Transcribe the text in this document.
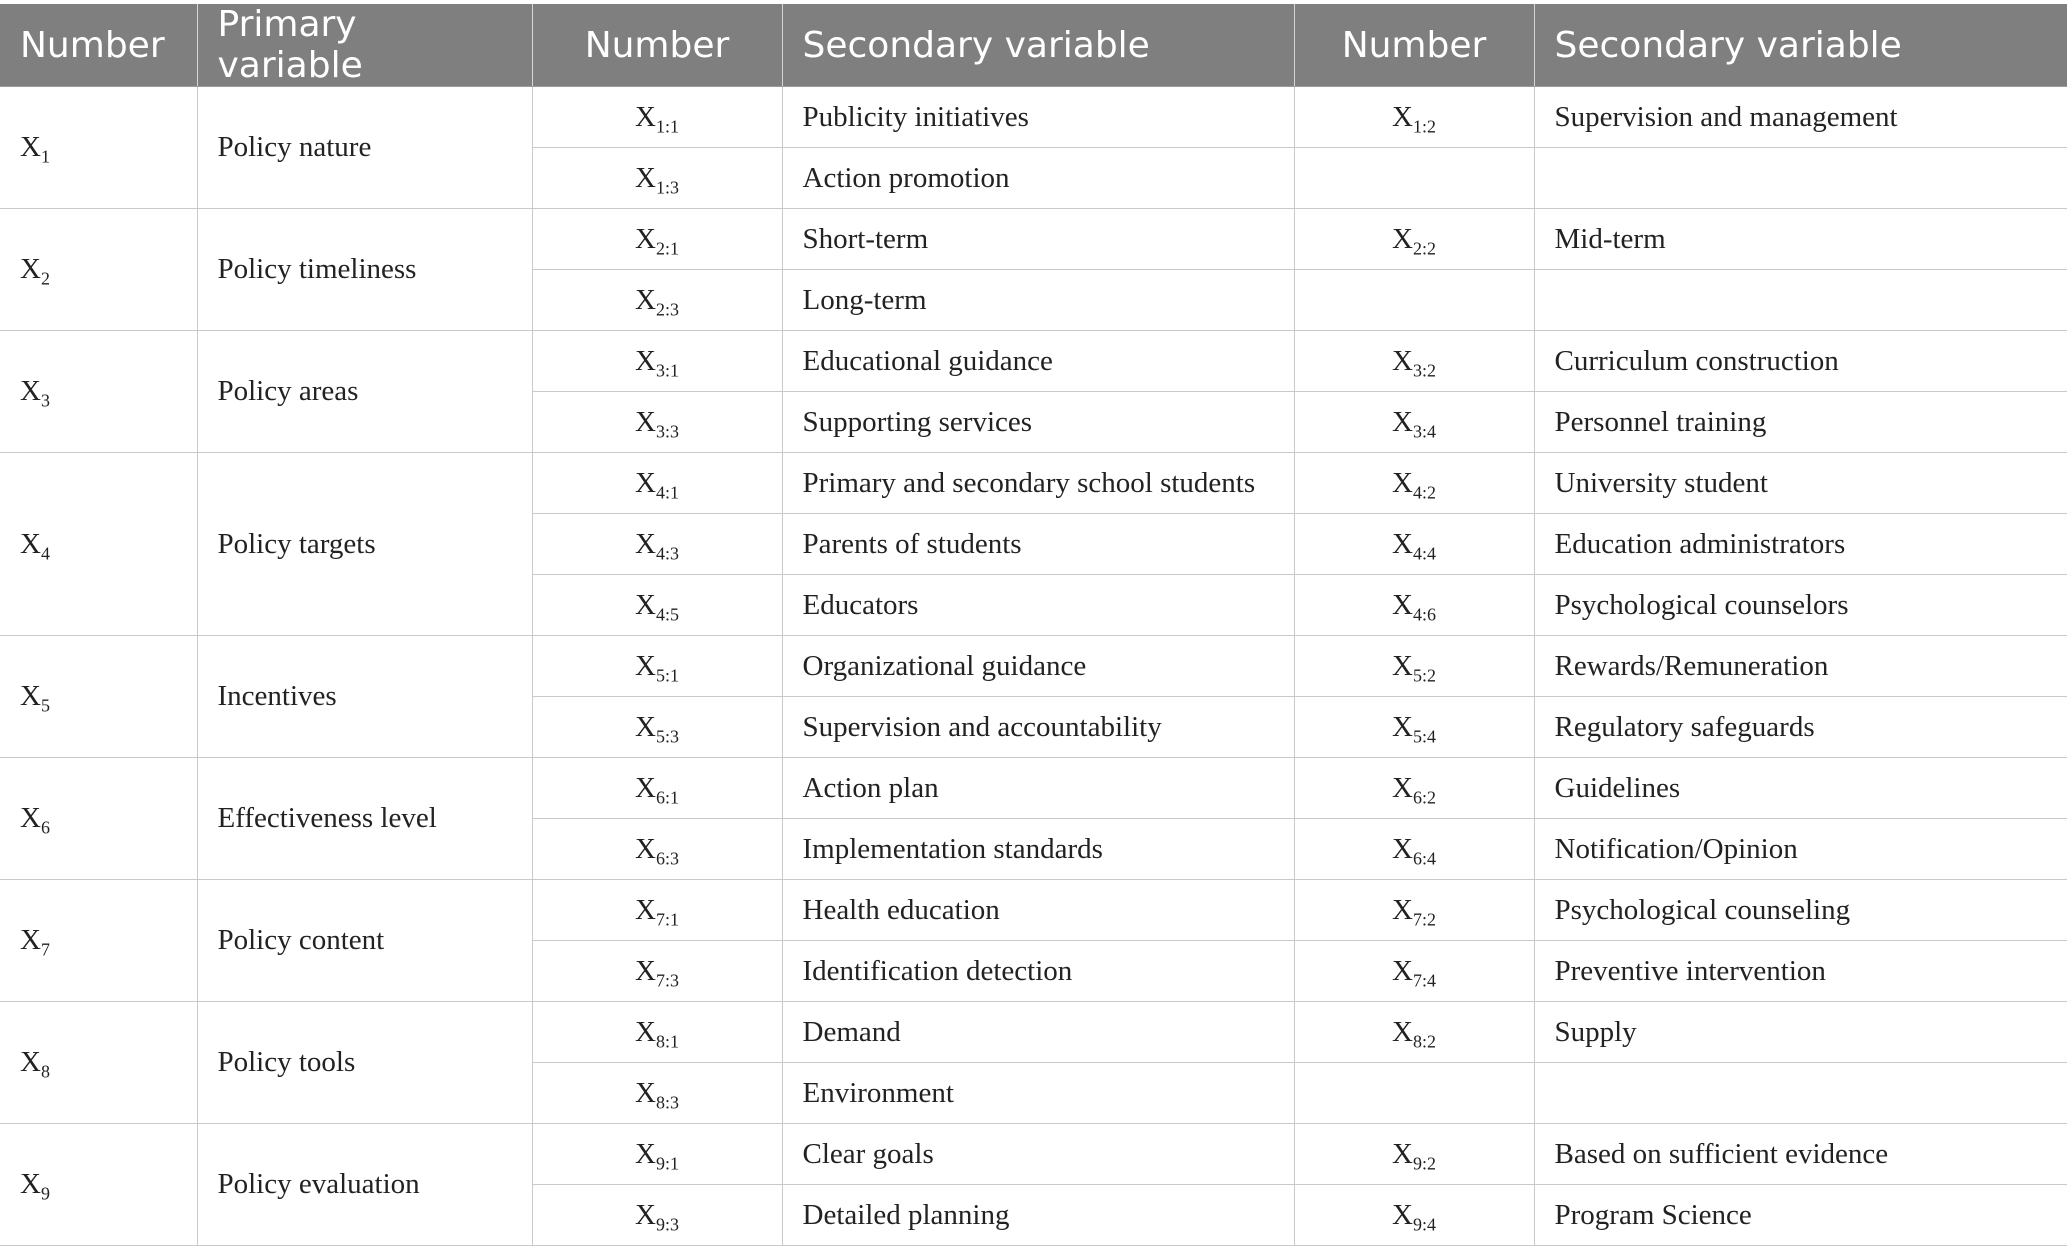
Number	Primary variable	Number	Secondary variable	Number	Secondary variable
$X_1$	Policy nature	$X_{1:1}$	Publicity initiatives	$X_{1:2}$	Supervision and management
		$X_{1:3}$	Action promotion		
$X_2$	Policy timeliness	$X_{2:1}$	Short-term	$X_{2:2}$	Mid-term
		$X_{2:3}$	Long-term		
$X_3$	Policy areas	$X_{3:1}$	Educational guidance	$X_{3:2}$	Curriculum construction
		$X_{3:3}$	Supporting services	$X_{3:4}$	Personnel training
$X_4$	Policy targets	$X_{4:1}$	Primary and secondary school students	$X_{4:2}$	University student
		$X_{4:3}$	Parents of students	$X_{4:4}$	Education administrators
		$X_{4:5}$	Educators	$X_{4:6}$	Psychological counselors
$X_5$	Incentives	$X_{5:1}$	Organizational guidance	$X_{5:2}$	Rewards/Remuneration
		$X_{5:3}$	Supervision and accountability	$X_{5:4}$	Regulatory safeguards
$X_6$	Effectiveness level	$X_{6:1}$	Action plan	$X_{6:2}$	Guidelines
		$X_{6:3}$	Implementation standards	$X_{6:4}$	Notification/Opinion
$X_7$	Policy content	$X_{7:1}$	Health education	$X_{7:2}$	Psychological counseling
		$X_{7:3}$	Identification detection	$X_{7:4}$	Preventive intervention
$X_8$	Policy tools	$X_{8:1}$	Demand	$X_{8:2}$	Supply
		$X_{8:3}$	Environment		
$X_9$	Policy evaluation	$X_{9:1}$	Clear goals	$X_{9:2}$	Based on sufficient evidence
		$X_{9:3}$	Detailed planning	$X_{9:4}$	Program Science
